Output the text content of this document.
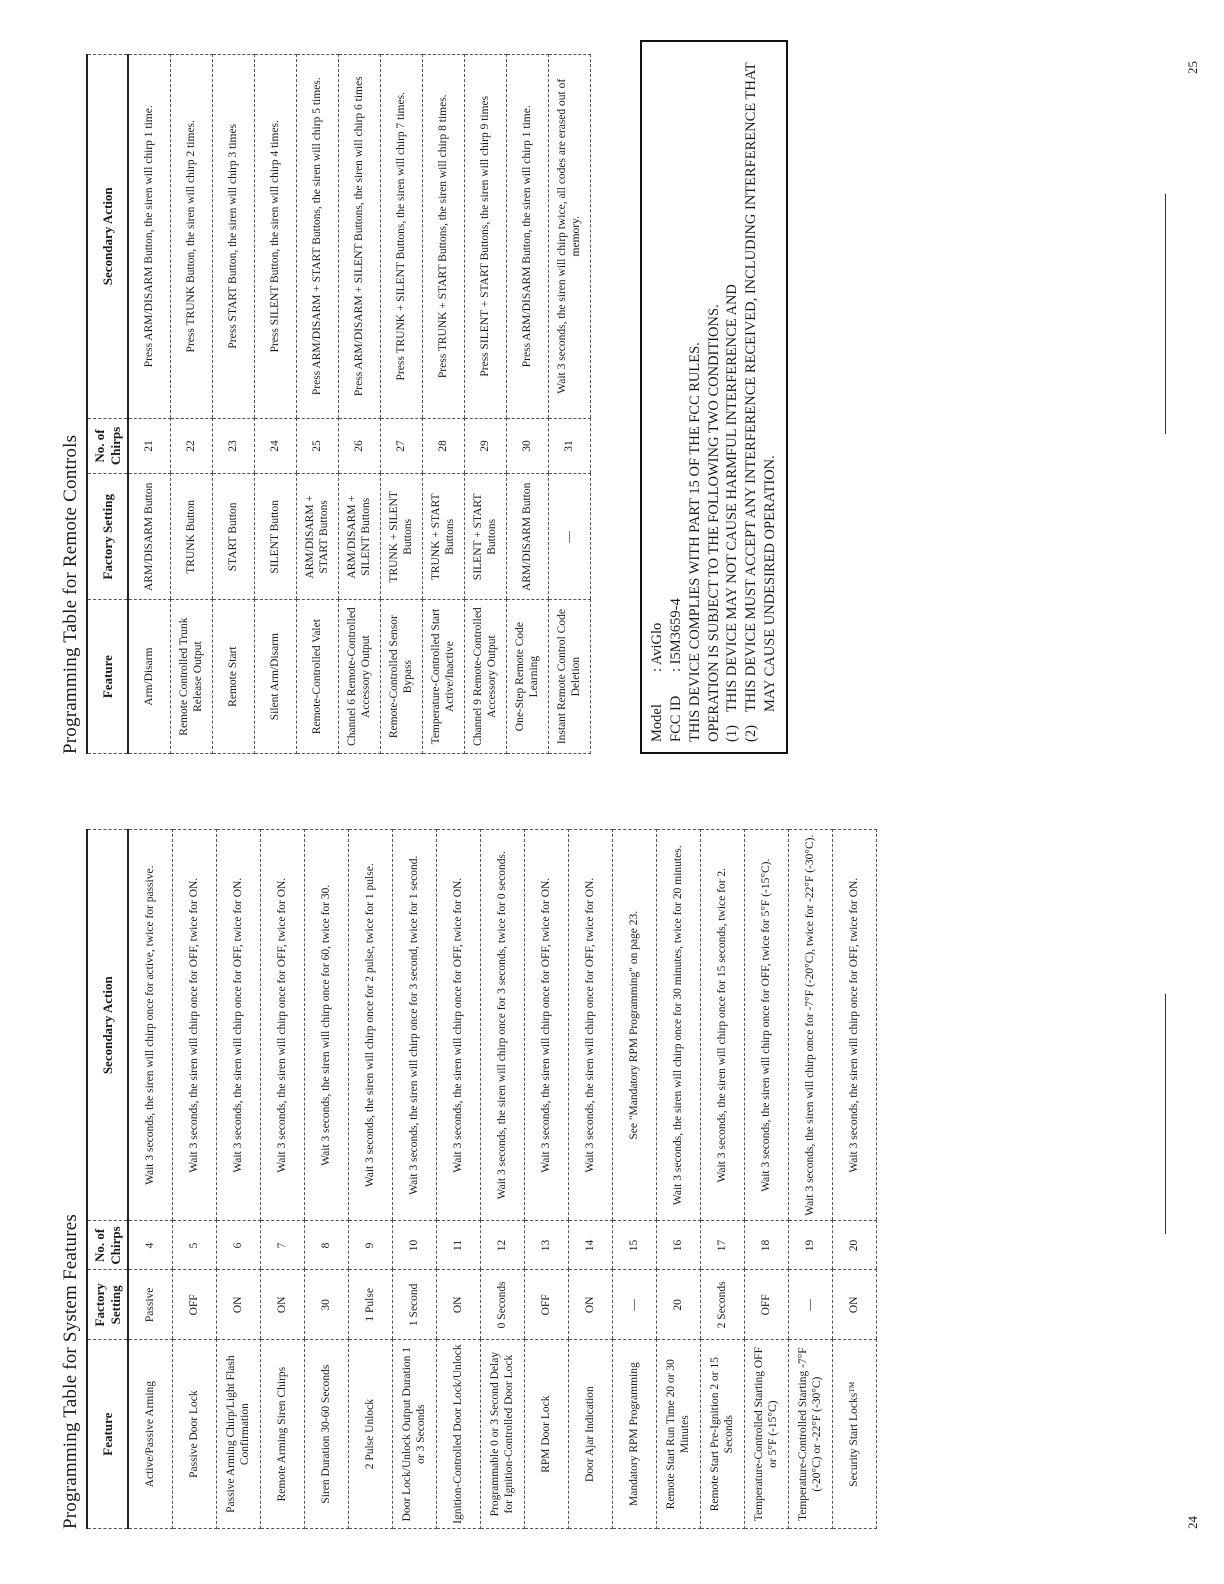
Programming Table for System Features Feature	Factory Setting	No. of Chirps	Secondary Action
Active/Passive Arming	Passive	4	Wait 3 seconds, the siren will chirp once for active, twice for passive.
Passive Door Lock	OFF	5	Wait 3 seconds, the siren will chirp once for OFF, twice for ON.
Passive Arming Chirp/Light Flash Confirmation	ON	6	Wait 3 seconds, the siren will chirp once for OFF, twice for ON.
Remote Arming Siren Chirps	ON	7	Wait 3 seconds, the siren will chirp once for OFF, twice for ON.
Siren Duration 30-60 Seconds	30	8	Wait 3 seconds, the siren will chirp once for 60, twice for 30.
2 Pulse Unlock	1 Pulse	9	Wait 3 seconds, the siren will chirp once for 2 pulse, twice for 1 pulse.
Door Lock/Unlock Output Duration 1 or 3 Seconds	1 Second	10	Wait 3 seconds, the siren will chirp once for 3 second, twice for 1 second.
Ignition-Controlled Door Lock/Unlock	ON	11	Wait 3 seconds, the siren will chirp once for OFF, twice for ON.
Programmable 0 or 3 Second Delay for Ignition-Controlled Door Lock	0 Seconds	12	Wait 3 seconds, the siren will chirp once for 3 seconds, twice for 0 seconds.
RPM Door Lock	OFF	13	Wait 3 seconds, the siren will chirp once for OFF, twice for ON.
Door Ajar Indication	ON	14	Wait 3 seconds, the siren will chirp once for OFF, twice for ON.
Mandatory RPM Programming	—	15	See "Mandatory RPM Programming" on page 23.
Remote Start Run Time 20 or 30 Minutes	20	16	Wait 3 seconds, the siren will chirp once for 30 minutes, twice for 20 minutes.
Remote Start Pre-Ignition 2 or 15 Seconds	2 Seconds	17	Wait 3 seconds, the siren will chirp once for 15 seconds, twice for 2.
Temperature-Controlled Starting OFF or 5°F (-15°C)	OFF	18	Wait 3 seconds, the siren will chirp once for OFF, twice for 5°F (-15°C).
Temperature-Controlled Starting -7°F (-20°C) or -22°F (-30°C)	—	19	Wait 3 seconds, the siren will chirp once for -7°F (-20°C), twice for -22°F (-30°C).
Security Start Locks™	ON	20	Wait 3 seconds, the siren will chirp once for OFF, twice for ON.
24
Programming Table for Remote Controls Feature	Factory Setting	No. of Chirps	Secondary Action
Arm/Disarm	ARM/DISARM Button	21	Press ARM/DISARM Button, the siren will chirp 1 time.
Remote Controlled Trunk Release Output	TRUNK Button	22	Press TRUNK Button, the siren will chirp 2 times.
Remote Start	START Button	23	Press START Button, the siren will chirp 3 times
Silent Arm/Disarm	SILENT Button	24	Press SILENT Button, the siren will chirp 4 times.
Remote-Controlled Valet	ARM/DISARM + START Buttons	25	Press ARM/DISARM + START Buttons, the siren will chirp 5 times.
Channel 6 Remote-Controlled Accessory Output	ARM/DISARM + SILENT Buttons	26	Press ARM/DISARM + SILENT Buttons, the siren will chirp 6 times
Remote-Controlled Sensor Bypass	TRUNK + SILENT Buttons	27	Press TRUNK + SILENT Buttons, the siren will chirp 7 times.
Temperature-Controlled Start Active/Inactive	TRUNK + START Buttons	28	Press TRUNK + START Buttons, the siren will chirp 8 times.
Channel 9 Remote-Controlled Accessory Output	SILENT + START Buttons	29	Press SILENT + START Buttons, the siren will chirp 9 times
One-Step Remote Code Learning	ARM/DISARM Button	30	Press ARM/DISARM Button, the siren will chirp 1 time.
Instant Remote Control Code Deletion	—	31	Wait 3 seconds, the siren will chirp twice, all codes are erased out of memory.
Model
: AviGlo
FCC ID
: I5M3659-4 THIS DEVICE COMPLIES WITH PART 15 OF THE FCC RULES. OPERATION IS SUBJECT TO THE FOLLOWING TWO CONDITIONS. (1)
THIS DEVICE MAY NOT CAUSE HARMFUL INTERFERENCE AND
(2)
THIS DEVICE MUST ACCEPT ANY INTERFERENCE RECEIVED, INCLUDING INTERFERENCE THAT MAY CAUSE UNDESIRED OPERATION.
25
